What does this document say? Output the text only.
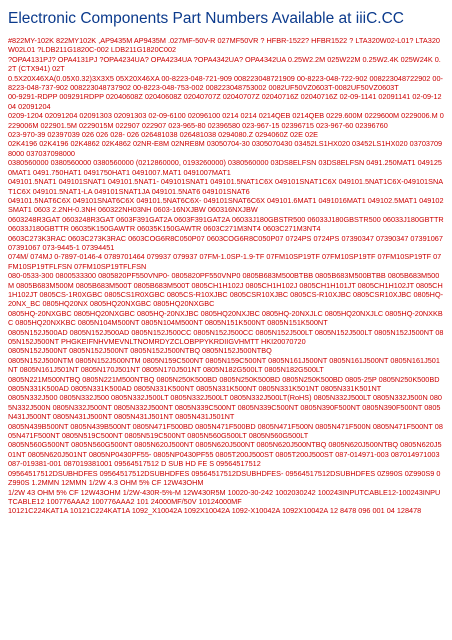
Electronic Components Part Numbers Available at iiiC.CC
#822MY-102K 822MY102K ,AP9435M AP9435M .027MF-50V-R 027MF50VR ? HFBR-1522? HFBR1522 ? LTA320W02-L01? LTA320W02L01 ?LDB211G1820C-002 LDB211G1820C002
?OPA4131PJ? OPA4131PJ ?OPA4234UA? OPA4234UA ?OPA4342UA? OPA4342UA 0.25W2.2M 025W22M 0.25W2.4K 025W24K 0.2T (CTX941) 02T
0.5X20X46XA(0.05X0.32)3X3X5 05X20X46XA 00-8223-048-721-909 00822304872​1909 00-8223-048-722-902 00822304872​2902 00-8223-048-737-902 00822304873​7902 00-8223-048-753-002 00822304875​3002 0082UF50VZ0603T-0082UF50VZ0603T
00-9291-RDPP 009291RDPP 02040608Z 02040608Z 02040707Z 02040707Z 02040716Z 02040716Z 02-09-1141 02091141 02-09-1204 02091204
0209-1204 02091204 02091303 02091303 02-09-6100 02096100 0214 0214 0214QEB 0214QEB 0229.600M 0229600M 0229006.M 0229006M 022901.5M 0229015M 022907 022907 023-965-80 02396580 023-967-15 02396715 023-967-60 02396760
023-970-39 02397039 026 026 028- 026 026481038 026481038 0294080.Z 0294060Z 02E 02E
02K4196 02K4196 02K4862 02K4862 02NR-E8M 02NRE8M 03050704-30 0305070430 03452LS1HX020 03452LS1HX020 037037098000 037037098000
0380560000 0380560000 0380560000 (0212860000, 0193260000) 0380560000 03DS8ELFSN 03DS8ELFSN 0491.250MAT1 0491250MAT1 0491.750HAT1 0491750HAT1 0491007.MAT1 0491007MAT1
049101.5NAT1 049101SNAT1 049101.5NAT1- 049101SNAT1 049101.5NAT1C6X 049101SNAT1C6X 049101.5NAT1C6X-049101SNAT1C6X 049101.5NAT1-LA 049101SNAT1JA 049101.5NAT6 049101SNAT6
049101.5NAT6C6X 049101SNAT6C6X 049101.5NAT6C6X- 049101SNAT6C6X 049101.6MAT1 0491016MAT1 049102.5MAT1 049102SMAT1 0603 2.2NH-0.3NH 060322NH03NH 0603-16NXJBW 060316NXJBW
0603248R3GAT 0603248R3GAT 0603F391GAT2A 0603F391GAT2A 06033J180GBSTR500 06033J180GBSTR500 06033J180GBTTR 06033J180GBTTR 06035K150GAWTR 06035K150GAWTR 0603C271M3NT4 0603C271M3NT4
0603C273K3RAC 0603C273K3RAC 0603COG6R8C050P07 0603COG6R8C050P07 0724PS 0724PS 07390347 07390347 07391067 07391067 073-9445-1 07394451
074M/ 074MJ 0-7897-0146-4 078970146​4 079937 079937 07FM-1.0SP-1.9-TF 07FM10SP19TF 07FM10SP19TF 07FM10SP19TF 07FM10SP19TFLFSN 07FM10SP19TFLFSN
080-0533-300 0800533300 0805820PF550VNP0- 0805820PF550VNP0 0805B683M500BTBB 0805B683M500BTBB 0805B683M500M 0805B683M500M 0805B683M500T 0805B683M500T 0805CH1H102J 0805CH1H102J 0805CH1H101JT 0805CH1H102JT 0805CH1H102JT 0805CS-1R0XGBC 0805CS1R0XGBC 0805CS-R10XJBC 0805CSR10XJBC 0805CS-R10XJBC 0805CSR10XJBC 0805HQ-20NX_BC 0805HQ20NX 0805HQ20NXGBC 0805HQ20NXGBC
0805HQ-20NXGBC 0805HQ20NXGBC 0805HQ-20NXJBC 0805HQ20NXJBC 0805HQ-20NXJLC 0805HQ20NXJLC 0805HQ-20NXKBC 0805HQ20NXKBC 0805N104M500NT 0805N104M500NT 0805N151K500NT 0805N151K500NT
0805N152J500AD 0805N152J500AD 0805N152J500CC 0805N152J500CC 0805N152J500LT 0805N152J500LT 0805N152J500NT 0805N152J500NT PHGKEIFNHVMEVNLTNOMRDYZCLOBPPYKRDIIGVHMTT HKI20070720
0805N152J500NT 0805N152J500NT 0805N152J500NTBQ 0805N152J500NTBQ
0805N152J500NTM 0805N152J500NTM 0805N159C500NT 0805N159C500NT 0805N161J500NT 0805N161J500NT 0805N161J501NT 0805N161J501NT 0805N170J501NT 0805N170J501NT 0805N182G500LT 0805N182G500LT
0805N221M500NTBQ 0805N221M500NTBQ 0805N250K500BD 0805N250K500BD 0805N250K500BD 0805-25P 0805N250K500BD 0805N331K500AD 0805N331K500AD 0805N331K500NT 0805N331K500NT 0805N331K501NT 0805N331K501NT
0805N332J500 0805N332J500 0805N332J500LT 0805N332J500LT 0805N332J500LT(RoHS) 0805N332J500LT 0805N332J500N 0805N332J500N 0805N332J500NT 0805N332J500NT 0805N339C500NT 0805N339C500NT 0805N390F500NT 0805N390F500NT 0805N431J500NT 0805N431J500NT 0805N431J501NT 0805N431J501NT
0805N439B500NT 0805N439B500NT 0805N471F500BD 0805N471F500BD 0805N471F500N 0805N471F500N 0805N471F500NT 0805N471F500NT 0805N519C500NT 0805N519C500NT 0805N560G500LT 0805N560G500LT
0805N560G500NT 0805N560G500NT 0805N620J500NT 0805N620J500NT 0805N620J500NTBQ 0805N620J500NTBQ 0805N620J501NT 0805N620J501NT 0805NP0430PF55- 0805NP0430PF55 0805T200J500ST 0805T200J500ST 087-014971-003 087014971003 087-019381-001 087019381001 09564517512 D SUB HD FE S 09564517512
09564517512DSUBHDFES 09564517512DSUBHDFES 09564517512DSUBHDFES- 09564517512DSUBHDFES 0Z990S 0Z990S9 0Z990S 1.2MMN 12MMN 1/2W 4.3 OHM 5% CF 12W43OHM
1/2W 43 OHM 5% CF 12W43OHM 1/2W-430R-5%-M 12W430R5M 10020-30-242 1002030242 100243INPUTCABLE12-100243INPUTCABLE12 100776AAA2 100776AAA2 101 24000MF/50V 10124000MF
10121C224KAT1A 10121C224KAT1A 1092_X10042A 1092X10042A 1092-X10042A 1092X10042A 12 8478 096 001 04 128478
